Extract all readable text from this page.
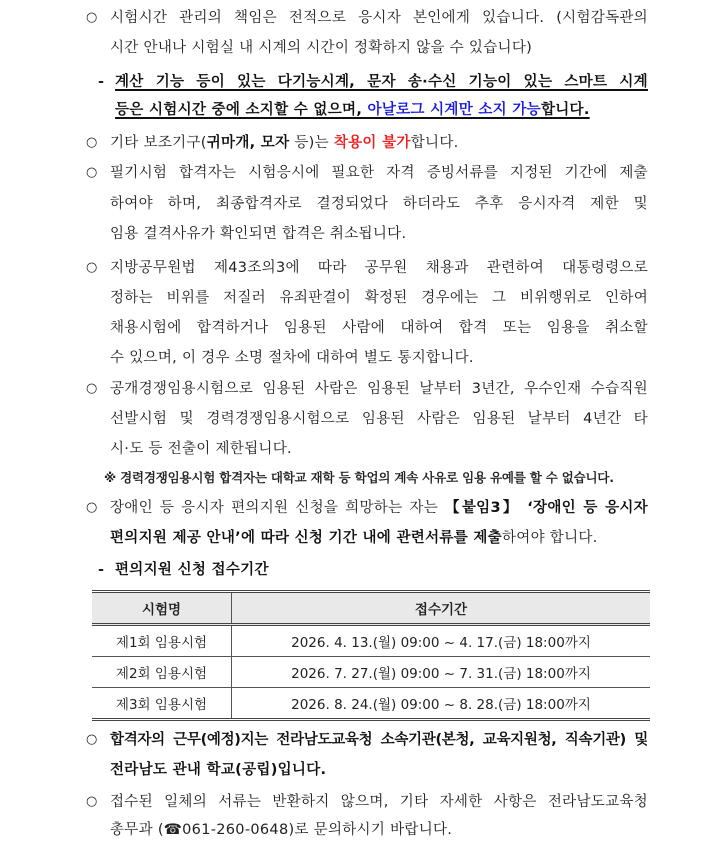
○ 시험시간 관리의 책임은 전적으로 응시자 본인에게 있습니다. (시험감독관의
시간 안내나 시험실 내 시계의 시간이 정확하지 않을 수 있습니다)
- 계산 기능 등이 있는 다기능시계, 문자 송·수신 기능이 있는 스마트 시계
등은 시험시간 중에 소지할 수 없으며, 아날로그 시계만 소지 가능합니다.
○ 기타 보조기구(귀마개, 모자 등)는 착용이 불가합니다.
○ 필기시험 합격자는 시험응시에 필요한 자격 증빙서류를 지정된 기간에 제출
하여야 하며, 최종합격자로 결정되었다 하더라도 추후 응시자격 제한 및
임용 결격사유가 확인되면 합격은 취소됩니다.
○ 지방공무원법 제43조의3에 따라 공무원 채용과 관련하여 대통령령으로
정하는 비위를 저질러 유죄판결이 확정된 경우에는 그 비위행위로 인하여
채용시험에 합격하거나 임용된 사람에 대하여 합격 또는 임용을 취소할
수 있으며, 이 경우 소명 절차에 대하여 별도 통지합니다.
○ 공개경쟁임용시험으로 임용된 사람은 임용된 날부터 3년간, 우수인재 수습직원
선발시험 및 경력경쟁임용시험으로 임용된 사람은 임용된 날부터 4년간 타
시·도 등 전출이 제한됩니다.
※ 경력경쟁임용시험 합격자는 대학교 재학 등 학업의 계속 사유로 임용 유예를 할 수 없습니다.
○ 장애인 등 응시자 편의지원 신청을 희망하는 자는 【붙임3】 ‘장애인 등 응시자
편의지원 제공 안내’에 따라 신청 기간 내에 관련서류를 제출하여야 합니다.
- 편의지원 신청 접수기간
시험명	접수기간
제1회 임용시험	2026. 4. 13.(월) 09:00 ~ 4. 17.(금) 18:00까지
제2회 임용시험	2026. 7. 27.(월) 09:00 ~ 7. 31.(금) 18:00까지
제3회 임용시험	2026. 8. 24.(월) 09:00 ~ 8. 28.(금) 18:00까지
○ 합격자의 근무(예정)지는 전라남도교육청 소속기관(본청, 교육지원청, 직속기관) 및
전라남도 관내 학교(공립)입니다.
○ 접수된 일체의 서류는 반환하지 않으며, 기타 자세한 사항은 전라남도교육청
총무과 (☎061-260-0648)로 문의하시기 바랍니다.
